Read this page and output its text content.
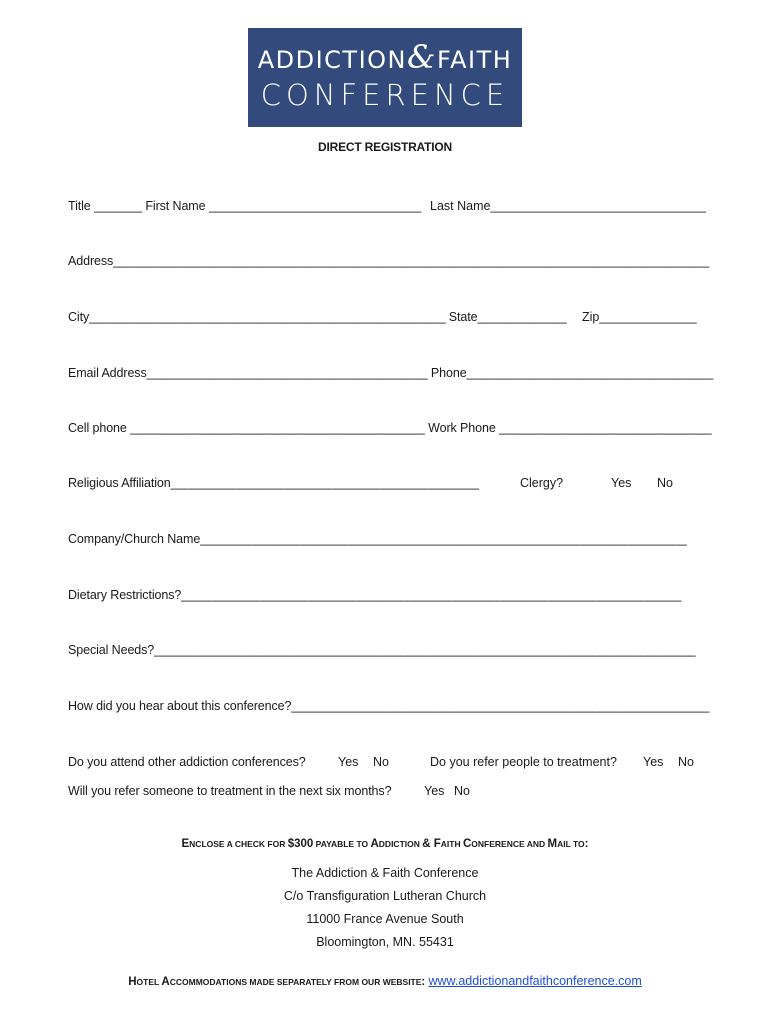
ADDICTION&FAITH
CONFERENCE
DIRECT REGISTRATION
Title _______ First Name _______________________________ Last Name_______________________________
Address_______________________________________________________________________________________
City____________________________________________________ State_____________ Zip______________
Email Address_________________________________________ Phone____________________________________
Cell phone ___________________________________________ Work Phone _______________________________
Religious Affiliation_____________________________________________	Clergy?	Yes No
Company/Church Name_______________________________________________________________________
Dietary Restrictions?_________________________________________________________________________
Special Needs?_______________________________________________________________________________
How did you hear about this conference?_____________________________________________________________
Do you attend other addiction conferences?	Yes No	Do you refer people to treatment? Yes No
Will you refer someone to treatment in the next six months?	Yes No
ENCLOSE A CHECK FOR $300 PAYABLE TO ADDICTION & FAITH CONFERENCE AND MAIL TO:
The Addiction & Faith Conference
C/o Transfiguration Lutheran Church
11000 France Avenue South
Bloomington, MN. 55431
HOTEL ACCOMMODATIONS MADE SEPARATELY FROM OUR WEBSITE: www.addictionandfaithconference.com
